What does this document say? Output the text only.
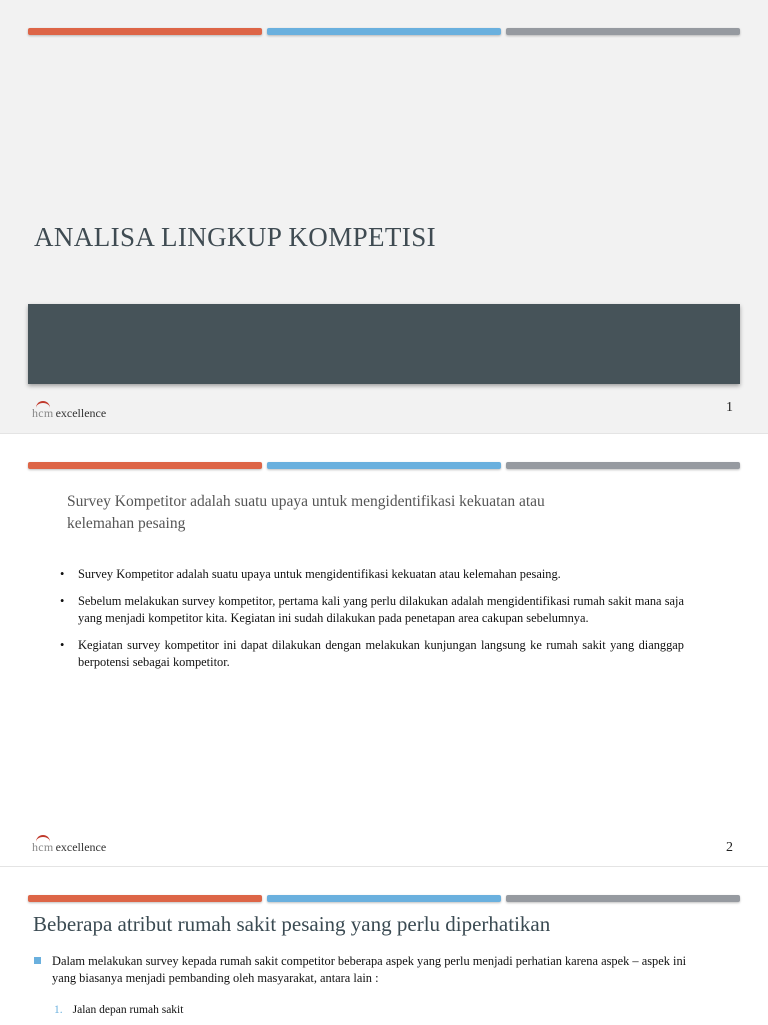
ANALISA LINGKUP KOMPETISI
hcm excellence	1
hcm excellence	2
Survey Kompetitor adalah suatu upaya untuk mengidentifikasi kekuatan atau kelemahan pesaing
• Survey Kompetitor adalah suatu upaya untuk mengidentifikasi kekuatan atau kelemahan pesaing.
• Sebelum melakukan survey kompetitor, pertama kali yang perlu dilakukan adalah mengidentifikasi rumah sakit mana saja yang menjadi kompetitor kita. Kegiatan ini sudah dilakukan pada penetapan area cakupan sebelumnya.
• Kegiatan survey kompetitor ini dapat dilakukan dengan melakukan kunjungan langsung ke rumah sakit yang dianggap berpotensi sebagai kompetitor.
Beberapa atribut rumah sakit pesaing yang perlu diperhatikan
Dalam melakukan survey kepada rumah sakit competitor beberapa aspek yang perlu menjadi perhatian karena aspek – aspek ini yang biasanya menjadi pembanding oleh masyarakat, antara lain :
1. Jalan depan rumah sakit
